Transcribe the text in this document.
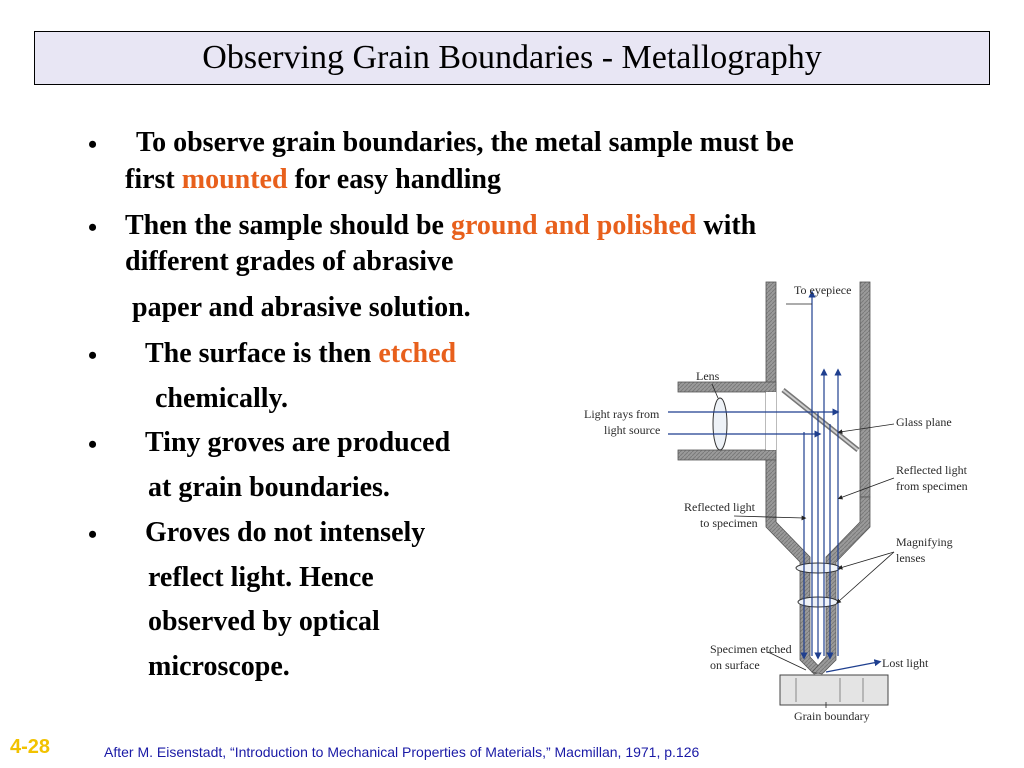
Observing Grain Boundaries - Metallography
• To observe grain boundaries, the metal sample must be
first mounted for easy handling
• Then the sample should be ground and polished with
different grades of abrasive
paper and abrasive solution.
• The surface is then etched
chemically.
• Tiny groves are produced
at grain boundaries.
• Groves do not intensely
reflect light. Hence
observed by optical
microscope.
To eyepiece
Lens
Light rays from
light source
Glass plane
Reflected light
from specimen
Reflected light
to specimen
Magnifying
lenses
Specimen etched
on surface	Lost light
Grain boundary
4-28	After M. Eisenstadt, “Introduction to Mechanical Properties of Materials,” Macmillan, 1971, p.126
